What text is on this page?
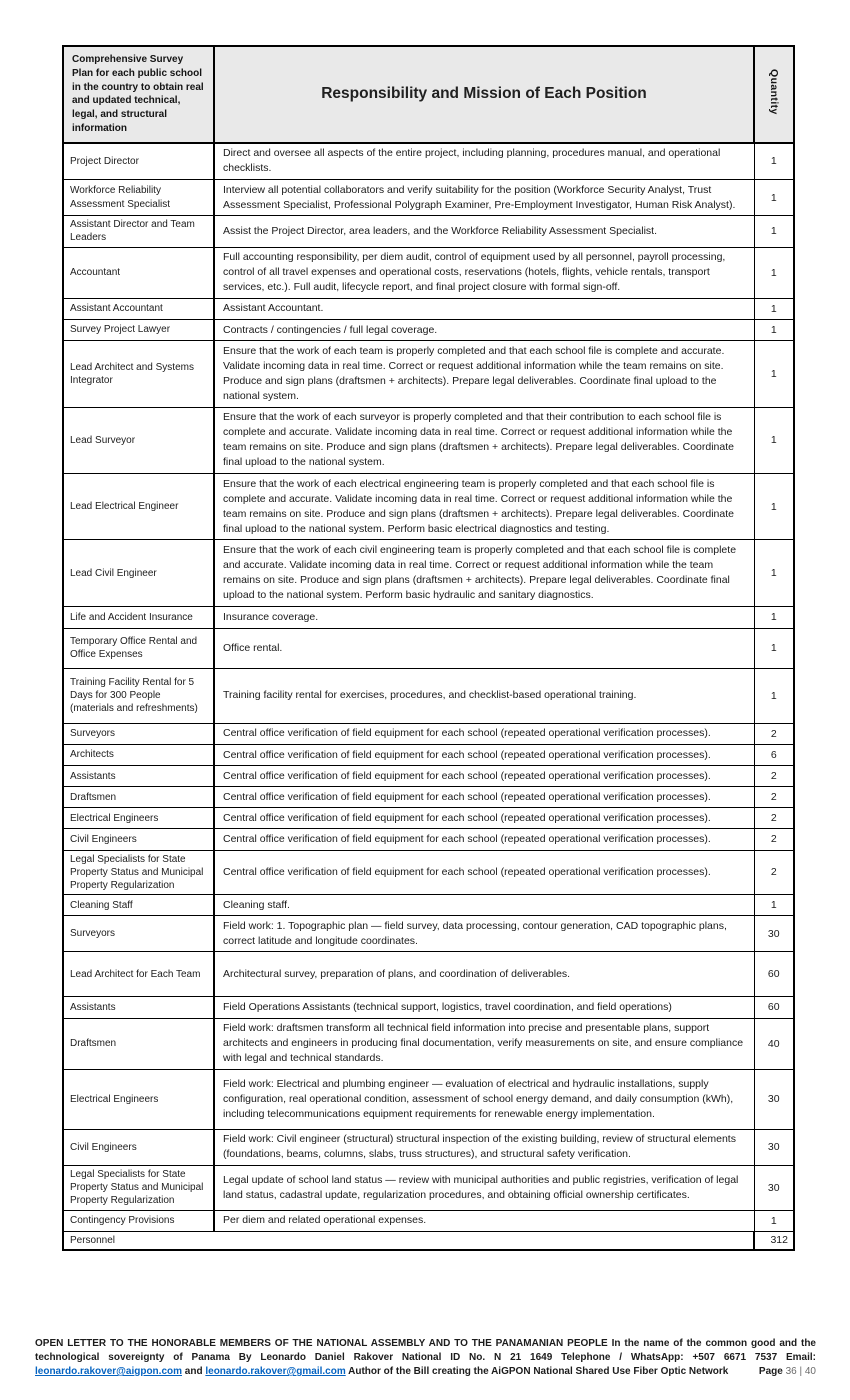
Comprehensive Survey Plan for each public school in the country to obtain real and updated technical, legal, and structural information	Responsibility and Mission of Each Position	Quantity
Project Director	Direct and oversee all aspects of the entire project, including planning, procedures manual, and operational checklists.	1
Workforce Reliability Assessment Specialist	Interview all potential collaborators and verify suitability for the position (Workforce Security Analyst, Trust Assessment Specialist, Professional Polygraph Examiner, Pre-Employment Investigator, Human Risk Analyst).	1
Assistant Director and Team Leaders	Assist the Project Director, area leaders, and the Workforce Reliability Assessment Specialist.	1
Accountant	Full accounting responsibility, per diem audit, control of equipment used by all personnel, payroll processing, control of all travel expenses and operational costs, reservations (hotels, flights, vehicle rentals, transport services, etc.). Full audit, lifecycle report, and final project closure with formal sign-off.	1
Assistant Accountant	Assistant Accountant.	1
Survey Project Lawyer	Contracts / contingencies / full legal coverage.	1
Lead Architect and Systems Integrator	Ensure that the work of each team is properly completed and that each school file is complete and accurate. Validate incoming data in real time. Correct or request additional information while the team remains on site. Produce and sign plans (draftsmen + architects). Prepare legal deliverables. Coordinate final upload to the national system.	1
Lead Surveyor	Ensure that the work of each surveyor is properly completed and that their contribution to each school file is complete and accurate. Validate incoming data in real time. Correct or request additional information while the team remains on site. Produce and sign plans (draftsmen + architects). Prepare legal deliverables. Coordinate final upload to the national system.	1
Lead Electrical Engineer	Ensure that the work of each electrical engineering team is properly completed and that each school file is complete and accurate. Validate incoming data in real time. Correct or request additional information while the team remains on site. Produce and sign plans (draftsmen + architects). Prepare legal deliverables. Coordinate final upload to the national system. Perform basic electrical diagnostics and testing.	1
Lead Civil Engineer	Ensure that the work of each civil engineering team is properly completed and that each school file is complete and accurate. Validate incoming data in real time. Correct or request additional information while the team remains on site. Produce and sign plans (draftsmen + architects). Prepare legal deliverables. Coordinate final upload to the national system. Perform basic hydraulic and sanitary diagnostics.	1
Life and Accident Insurance	Insurance coverage.	1
Temporary Office Rental and Office Expenses	Office rental.	1
Training Facility Rental for 5 Days for 300 People (materials and refreshments)	Training facility rental for exercises, procedures, and checklist-based operational training.	1
Surveyors	Central office verification of field equipment for each school (repeated operational verification processes).	2
Architects	Central office verification of field equipment for each school (repeated operational verification processes).	6
Assistants	Central office verification of field equipment for each school (repeated operational verification processes).	2
Draftsmen	Central office verification of field equipment for each school (repeated operational verification processes).	2
Electrical Engineers	Central office verification of field equipment for each school (repeated operational verification processes).	2
Civil Engineers	Central office verification of field equipment for each school (repeated operational verification processes).	2
Legal Specialists for State Property Status and Municipal Property Regularization	Central office verification of field equipment for each school (repeated operational verification processes).	2
Cleaning Staff	Cleaning staff.	1
Surveyors	Field work: 1. Topographic plan — field survey, data processing, contour generation, CAD topographic plans, correct latitude and longitude coordinates.	30
Lead Architect for Each Team	Architectural survey, preparation of plans, and coordination of deliverables.	60
Assistants	Field Operations Assistants (technical support, logistics, travel coordination, and field operations)	60
Draftsmen	Field work: draftsmen transform all technical field information into precise and presentable plans, support architects and engineers in producing final documentation, verify measurements on site, and ensure compliance with legal and technical standards.	40
Electrical Engineers	Field work: Electrical and plumbing engineer — evaluation of electrical and hydraulic installations, supply configuration, real operational condition, assessment of school energy demand, and daily consumption (kWh), including telecommunications equipment requirements for renewable energy implementation.	30
Civil Engineers	Field work: Civil engineer (structural) structural inspection of the existing building, review of structural elements (foundations, beams, columns, slabs, truss structures), and structural safety verification.	30
Legal Specialists for State Property Status and Municipal Property Regularization	Legal update of school land status — review with municipal authorities and public registries, verification of legal land status, cadastral update, regularization procedures, and obtaining official ownership certificates.	30
Contingency Provisions	Per diem and related operational expenses.	1
Personnel		312
OPEN LETTER TO THE HONORABLE MEMBERS OF THE NATIONAL ASSEMBLY AND TO THE PANAMANIAN PEOPLE In the name of the common good and the technological sovereignty of Panama By Leonardo Daniel Rakover National ID No. N 21 1649 Telephone / WhatsApp: +507 6671 7537 Email: leonardo.rakover@aigpon.com and leonardo.rakover@gmail.com Author of the Bill creating the AiGPON National Shared Use Fiber Optic Network	Page 36 | 40
